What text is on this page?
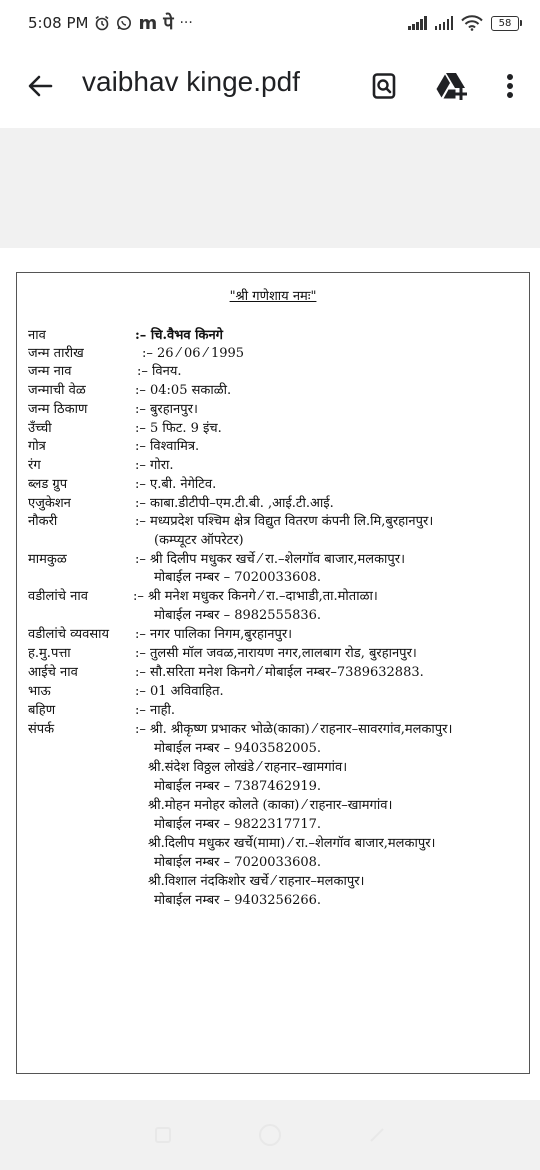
5:08 PM	m पे ···	58
vaibhav kinge.pdf
"श्री गणेशाय नमः"
नाव	:– चि.वैभव किनगे
जन्म तारीख	:– 26 ⁄ 06 ⁄ 1995
जन्म नाव	:– विनय.
जन्माची वेळ	:– 04:05 सकाळी.
जन्म ठिकाण	:– बुरहानपुर।
उँच्ची	:– 5 फिट. 9 इंच.
गोत्र	:– विश्वामित्र.
रंग	:– गोरा.
ब्लड ग्रुप	:– ए.बी. नेगेटिव.
एजुकेशन	:– काबा.डीटीपी–एम.टी.बी. ,आई.टी.आई.
नौकरी	:– मध्यप्रदेश पश्चिम क्षेत्र विद्युत वितरण कंपनी लि.मि,बुरहानपुर।
(कम्प्यूटर ऑपरेटर)
मामकुळ	:– श्री दिलीप मधुकर खर्चे ⁄ रा.–शेलगॉव बाजार,मलकापुर।
मोबाईल नम्बर – 7020033608.
वडीलांचे नाव	:– श्री मनेश मधुकर किनगे ⁄ रा.–दाभाडी,ता.मोताळा।
मोबाईल नम्बर – 8982555836.
वडीलांचे व्यवसाय :– नगर पालिका निगम,बुरहानपुर।
ह.मु.पत्ता	:– तुलसी मॉल जवळ,नारायण नगर,लालबाग रोड, बुरहानपुर।
आईचे नाव	:– सौ.सरिता मनेश किनगे ⁄ मोबाईल नम्बर–7389632883.
भाऊ	:– 01 अविवाहित.
बहिण	:– नाही.
संपर्क	:– श्री. श्रीकृष्ण प्रभाकर भोळे(काका) ⁄ राहनार–सावरगांव,मलकापुर।
मोबाईल नम्बर – 9403582005.
श्री.संदेश विठ्ठल लोखंडे ⁄ राहनार–खामगांव।
मोबाईल नम्बर – 7387462919.
श्री.मोहन मनोहर कोलते (काका) ⁄ राहनार–खामगांव।
मोबाईल नम्बर – 9822317717.
श्री.दिलीप मधुकर खर्चे(मामा) ⁄ रा.–शेलगॉव बाजार,मलकापुर।
मोबाईल नम्बर – 7020033608.
श्री.विशाल नंदकिशोर खर्चे ⁄ राहनार–मलकापुर।
मोबाईल नम्बर – 9403256266.
